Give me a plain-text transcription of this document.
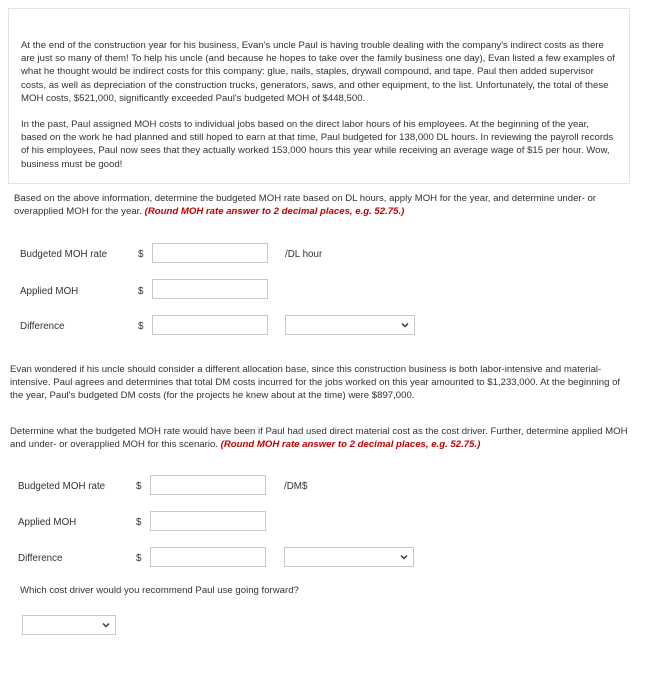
At the end of the construction year for his business, Evan's uncle Paul is having trouble dealing with the company's indirect costs as there are just so many of them! To help his uncle (and because he hopes to take over the family business one day), Evan listed a few examples of what he thought would be indirect costs for this company: glue, nails, staples, drywall compound, and tape. Paul then added supervisor costs, as well as depreciation of the construction trucks, generators, saws, and other equipment, to the list. Unfortunately, the total of these MOH costs, $521,000, significantly exceeded Paul's budgeted MOH of $448,500.

In the past, Paul assigned MOH costs to individual jobs based on the direct labor hours of his employees. At the beginning of the year, based on the work he had planned and still hoped to earn at that time, Paul budgeted for 138,000 DL hours. In reviewing the payroll records of his employees, Paul now sees that they actually worked 153,000 hours this year while receiving an average wage of $15 per hour. Wow, business must be good!

Based on the above information, determine the budgeted MOH rate based on DL hours, apply MOH for the year, and determine under- or overapplied MOH for the year. (Round MOH rate answer to 2 decimal places, e.g. 52.75.)

Budgeted MOH rate	$	/DL hour
Applied MOH	$
Difference	$

Evan wondered if his uncle should consider a different allocation base, since this construction business is both labor-intensive and material-intensive. Paul agrees and determines that total DM costs incurred for the jobs worked on this year amounted to $1,233,000. At the beginning of the year, Paul's budgeted DM costs (for the projects he knew about at the time) were $897,000.

Determine what the budgeted MOH rate would have been if Paul had used direct material cost as the cost driver. Further, determine applied MOH and under- or overapplied MOH for this scenario. (Round MOH rate answer to 2 decimal places, e.g. 52.75.)

Budgeted MOH rate	$	/DM$
Applied MOH	$
Difference	$

Which cost driver would you recommend Paul use going forward?
